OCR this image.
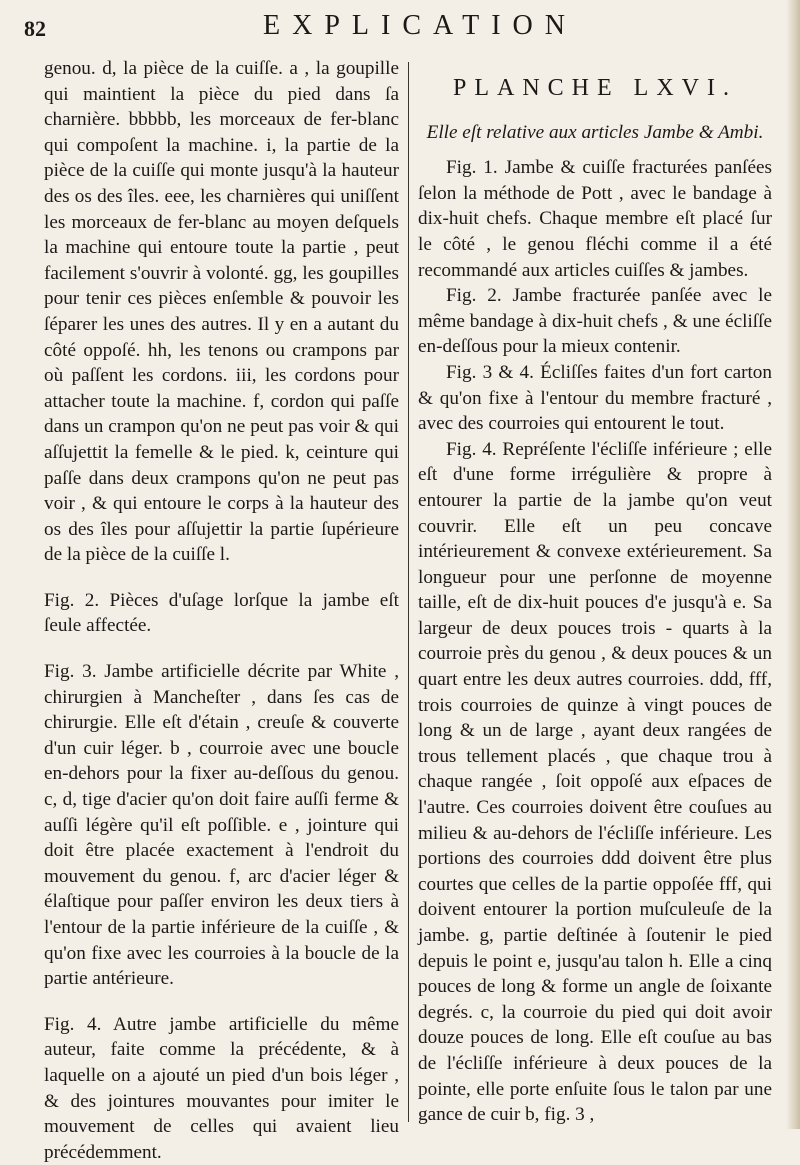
82	EXPLICATION

genou. d, la pièce de la cuiſſe. a , la goupille qui maintient la pièce du pied dans ſa charnière. bbbbb, les morceaux de fer-blanc qui compoſent la machine. i, la partie de la pièce de la cuiſſe qui monte jusqu'à la hauteur des os des îles. eee, les charnières qui uniſſent les morceaux de fer-blanc au moyen deſquels la machine qui entoure toute la partie , peut facilement s'ouvrir à volonté. gg, les goupilles pour tenir ces pièces enſemble & pouvoir les ſéparer les unes des autres. Il y en a autant du côté oppoſé. hh, les tenons ou crampons par où paſſent les cordons. iii, les cordons pour attacher toute la machine. f, cordon qui paſſe dans un crampon qu'on ne peut pas voir & qui aſſujettit la femelle & le pied. k, ceinture qui paſſe dans deux crampons qu'on ne peut pas voir , & qui entoure le corps à la hauteur des os des îles pour aſſujettir la partie ſupérieure de la pièce de la cuiſſe l.

Fig. 2. Pièces d'uſage lorſque la jambe eſt ſeule affectée.

Fig. 3. Jambe artificielle décrite par White , chirurgien à Mancheſter , dans ſes cas de chirurgie. Elle eſt d'étain , creuſe & couverte d'un cuir léger. b , courroie avec une boucle en-dehors pour la fixer au-deſſous du genou. c, d, tige d'acier qu'on doit faire auſſi ferme & auſſi légère qu'il eſt poſſible. e , jointure qui doit être placée exactement à l'endroit du mouvement du genou. f, arc d'acier léger & élaſtique pour paſſer environ les deux tiers à l'entour de la partie inférieure de la cuiſſe , & qu'on fixe avec les courroies à la boucle de la partie antérieure.

Fig. 4. Autre jambe artificielle du même auteur, faite comme la précédente, & à laquelle on a ajouté un pied d'un bois léger , & des jointures mouvantes pour imiter le mouvement de celles qui avaient lieu précédemment.

PLANCHE LXVI.

Elle eſt relative aux articles Jambe & Ambi.

Fig. 1. Jambe & cuiſſe fracturées panſées ſelon la méthode de Pott , avec le bandage à dix-huit chefs. Chaque membre eſt placé ſur le côté , le genou fléchi comme il a été recommandé aux articles cuiſſes & jambes.

Fig. 2. Jambe fracturée panſée avec le même bandage à dix-huit chefs , & une écliſſe en-deſſous pour la mieux contenir.

Fig. 3 & 4. Écliſſes faites d'un fort carton & qu'on fixe à l'entour du membre fracturé , avec des courroies qui entourent le tout.

Fig. 4. Repréſente l'écliſſe inférieure ; elle eſt d'une forme irrégulière & propre à entourer la partie de la jambe qu'on veut couvrir. Elle eſt un peu concave intérieurement & convexe extérieurement. Sa longueur pour une perſonne de moyenne taille, eſt de dix-huit pouces d'e jusqu'à e. Sa largeur de deux pouces trois - quarts à la courroie près du genou , & deux pouces & un quart entre les deux autres courroies. ddd, fff, trois courroies de quinze à vingt pouces de long & un de large , ayant deux rangées de trous tellement placés , que chaque trou à chaque rangée , ſoit oppoſé aux eſpaces de l'autre. Ces courroies doivent être couſues au milieu & au-dehors de l'écliſſe inférieure. Les portions des courroies ddd doivent être plus courtes que celles de la partie oppoſée fff, qui doivent entourer la portion muſculeuſe de la jambe. g, partie deſtinée à ſoutenir le pied depuis le point e, jusqu'au talon h. Elle a cinq pouces de long & forme un angle de ſoixante degrés. c, la courroie du pied qui doit avoir douze pouces de long. Elle eſt couſue au bas de l'écliſſe inférieure à deux pouces de la pointe, elle porte enſuite ſous le talon par une gance de cuir b, fig. 3 ,
